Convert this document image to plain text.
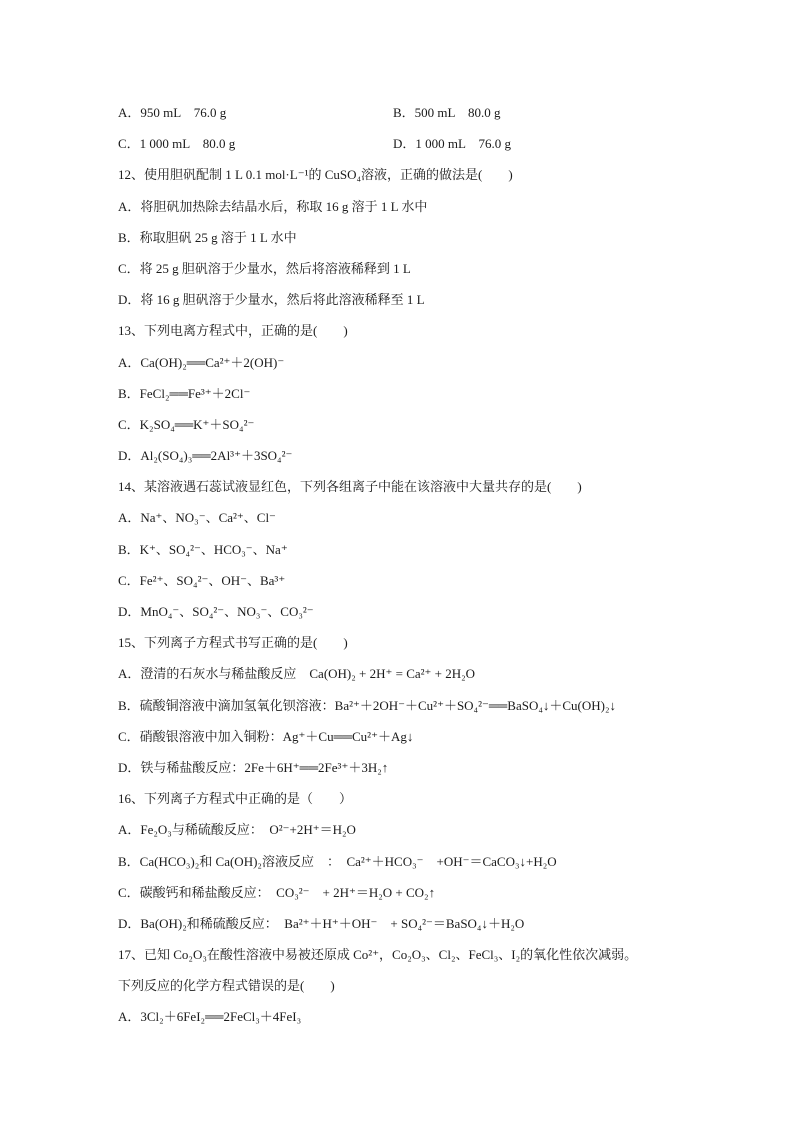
A．950 mL　76.0 g	B．500 mL　80.0 g
C．1 000 mL　80.0 g	D．1 000 mL　76.0 g
12、使用胆矾配制 1 L 0.1 mol·L⁻¹的 CuSO₄溶液，正确的做法是(　　)
A．将胆矾加热除去结晶水后，称取 16 g 溶于 1 L 水中
B．称取胆矾 25 g 溶于 1 L 水中
C．将 25 g 胆矾溶于少量水，然后将溶液稀释到 1 L
D．将 16 g 胆矾溶于少量水，然后将此溶液稀释至 1 L
13、下列电离方程式中，正确的是(　　)
A．Ca(OH)₂══Ca²⁺＋2(OH)⁻
B．FeCl₂══Fe³⁺＋2Cl⁻
C．K₂SO₄══K⁺＋SO₄²⁻
D．Al₂(SO₄)₃══2Al³⁺＋3SO₄²⁻
14、某溶液遇石蕊试液显红色，下列各组离子中能在该溶液中大量共存的是(　　)
A．Na⁺、NO₃⁻、Ca²⁺、Cl⁻
B．K⁺、SO₄²⁻、HCO₃⁻、Na⁺
C．Fe²⁺、SO₄²⁻、OH⁻、Ba³⁺
D．MnO₄⁻、SO₄²⁻、NO₃⁻、CO₃²⁻
15、下列离子方程式书写正确的是(　　)
A．澄清的石灰水与稀盐酸反应　Ca(OH)₂ + 2H⁺ = Ca²⁺ + 2H₂O
B．硫酸铜溶液中滴加氢氧化钡溶液：Ba²⁺＋2OH⁻＋Cu²⁺＋SO₄²⁻══BaSO₄↓＋Cu(OH)₂↓
C．硝酸银溶液中加入铜粉：Ag⁺＋Cu══Cu²⁺＋Ag↓
D．铁与稀盐酸反应：2Fe＋6H⁺══2Fe³⁺＋3H₂↑
16、下列离子方程式中正确的是（　　）
A．Fe₂O₃与稀硫酸反应：　O²⁻+2H⁺＝H₂O
B．Ca(HCO₃)₂和 Ca(OH)₂溶液反应　：　Ca²⁺＋HCO₃⁻　+OH⁻＝CaCO₃↓+H₂O
C．碳酸钙和稀盐酸反应：　CO₃²⁻　+ 2H⁺＝H₂O + CO₂↑
D．Ba(OH)₂和稀硫酸反应：　Ba²⁺＋H⁺＋OH⁻　+ SO₄²⁻＝BaSO₄↓＋H₂O
17、已知 Co₂O₃在酸性溶液中易被还原成 Co²⁺，Co₂O₃、Cl₂、FeCl₃、I₂的氧化性依次减弱。
下列反应的化学方程式错误的是(　　)
A．3Cl₂＋6FeI₂══2FeCl₃＋4FeI₃
